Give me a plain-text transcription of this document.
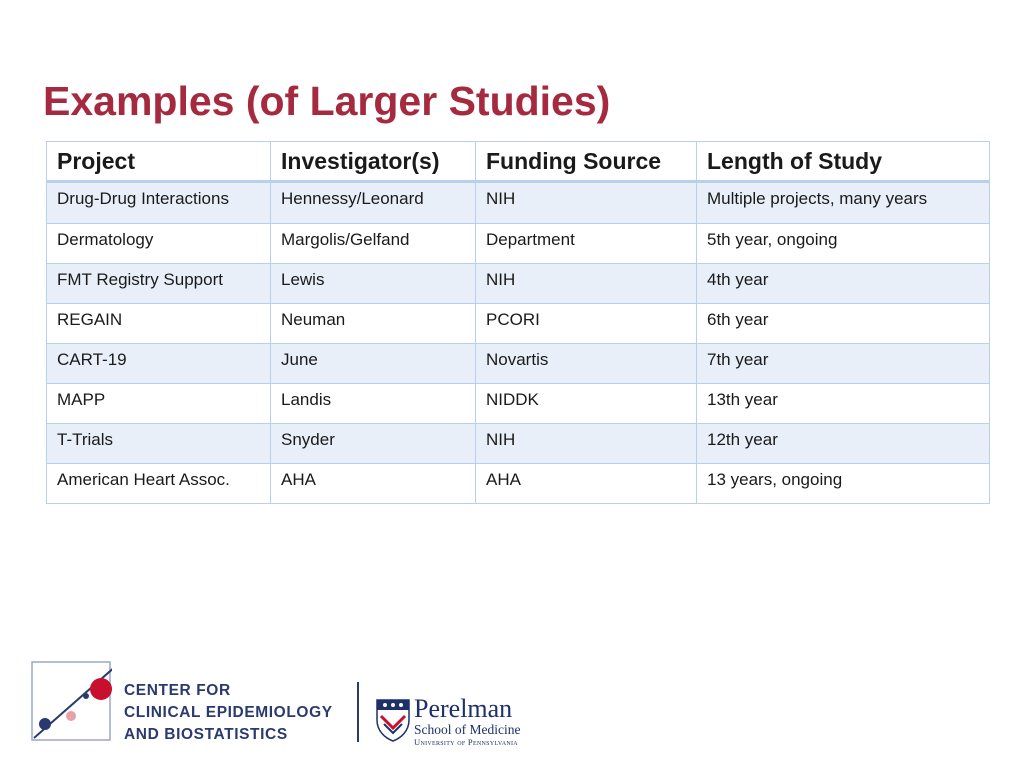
Examples (of Larger Studies)
Project	Investigator(s)	Funding Source	Length of Study
Drug-Drug Interactions	Hennessy/Leonard	NIH	Multiple projects, many years
Dermatology	Margolis/Gelfand	Department	5th year, ongoing
FMT Registry Support	Lewis	NIH	4th year
REGAIN	Neuman	PCORI	6th year
CART-19	June	Novartis	7th year
MAPP	Landis	NIDDK	13th year
T-Trials	Snyder	NIH	12th year
American Heart Assoc.	AHA	AHA	13 years, ongoing
CENTER FOR
CLINICAL EPIDEMIOLOGY
AND BIOSTATISTICS
Perelman
School of Medicine
University of Pennsylvania
